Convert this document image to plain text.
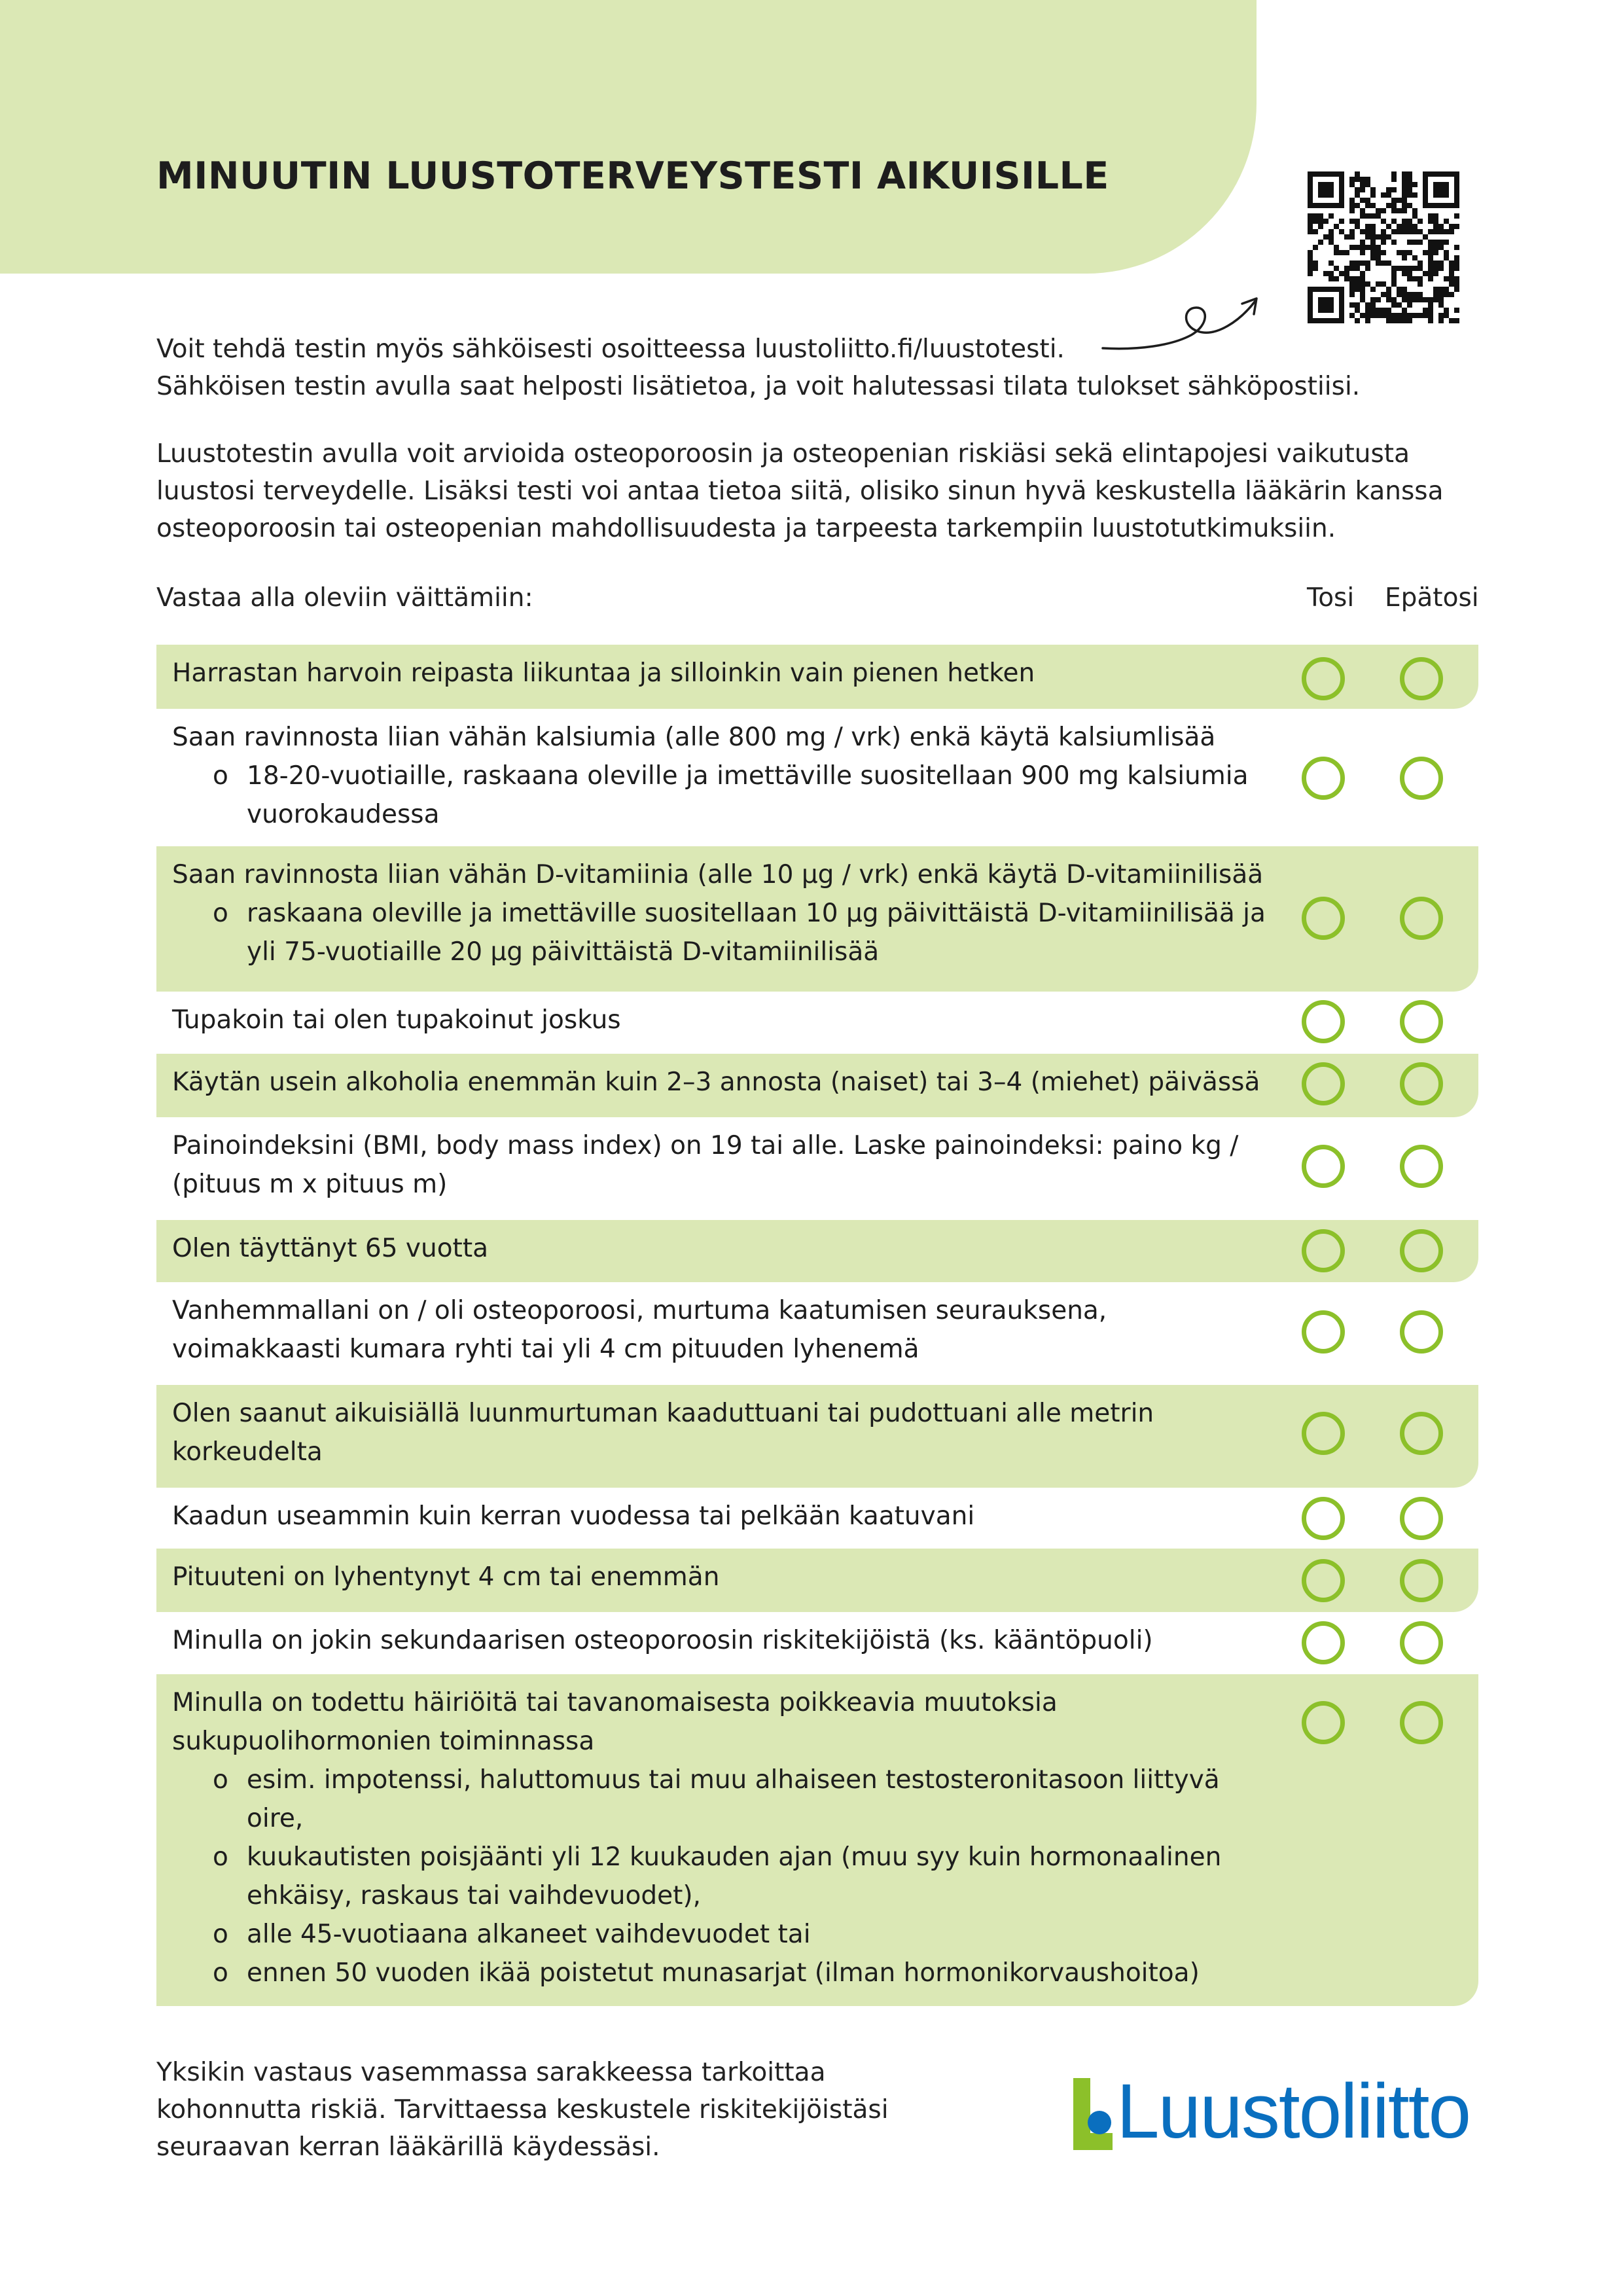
MINUUTIN LUUSTOTERVEYSTESTI AIKUISILLE
Voit tehdä testin myös sähköisesti osoitteessa luustoliitto.fi/luustotesti.
Sähköisen testin avulla saat helposti lisätietoa, ja voit halutessasi tilata tulokset sähköpostiisi.
Luustotestin avulla voit arvioida osteoporoosin ja osteopenian riskiäsi sekä elintapojesi vaikutusta
luustosi terveydelle. Lisäksi testi voi antaa tietoa siitä, olisiko sinun hyvä keskustella lääkärin kanssa
osteoporoosin tai osteopenian mahdollisuudesta ja tarpeesta tarkempiin luustotutkimuksiin.
Vastaa alla oleviin väittämiin:	Tosi Epätosi
Harrastan harvoin reipasta liikuntaa ja silloinkin vain pienen hetken
Saan ravinnosta liian vähän kalsiumia (alle 800 mg / vrk) enkä käytä kalsiumlisää
o 18-20-vuotiaille, raskaana oleville ja imettäville suositellaan 900 mg kalsiumia
vuorokaudessa
Saan ravinnosta liian vähän D-vitamiinia (alle 10 µg / vrk) enkä käytä D-vitamiinilisää
o raskaana oleville ja imettäville suositellaan 10 µg päivittäistä D-vitamiinilisää ja
yli 75-vuotiaille 20 µg päivittäistä D-vitamiinilisää
Tupakoin tai olen tupakoinut joskus
Käytän usein alkoholia enemmän kuin 2–3 annosta (naiset) tai 3–4 (miehet) päivässä
Painoindeksini (BMI, body mass index) on 19 tai alle. Laske painoindeksi: paino kg /
(pituus m x pituus m)
Olen täyttänyt 65 vuotta
Vanhemmallani on / oli osteoporoosi, murtuma kaatumisen seurauksena,
voimakkaasti kumara ryhti tai yli 4 cm pituuden lyhenemä
Olen saanut aikuisiällä luunmurtuman kaaduttuani tai pudottuani alle metrin
korkeudelta
Kaadun useammin kuin kerran vuodessa tai pelkään kaatuvani
Pituuteni on lyhentynyt 4 cm tai enemmän
Minulla on jokin sekundaarisen osteoporoosin riskitekijöistä (ks. kääntöpuoli)
Minulla on todettu häiriöitä tai tavanomaisesta poikkeavia muutoksia
sukupuolihormonien toiminnassa
o esim. impotenssi, haluttomuus tai muu alhaiseen testosteronitasoon liittyvä
oire,
o kuukautisten poisjäänti yli 12 kuukauden ajan (muu syy kuin hormonaalinen
ehkäisy, raskaus tai vaihdevuodet),
o alle 45-vuotiaana alkaneet vaihdevuodet tai
o ennen 50 vuoden ikää poistetut munasarjat (ilman hormonikorvaushoitoa)
Yksikin vastaus vasemmassa sarakkeessa tarkoittaa
kohonnutta riskiä. Tarvittaessa keskustele riskitekijöistäsi
seuraavan kerran lääkärillä käydessäsi.	Luustoliitto
